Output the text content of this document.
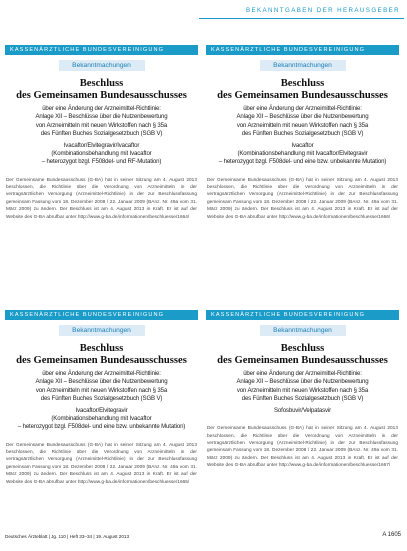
BEKANNTGABEN DER HERAUSGEBER
KASSENÄRZTLICHE BUNDESVEREINIGUNG
Bekanntmachungen
Beschluss
des Gemeinsamen Bundesausschusses
über eine Änderung der Arzneimittel-Richtlinie:
Anlage XII – Beschlüsse über die Nutzenbewertung
von Arzneimitteln mit neuen Wirkstoffen nach § 35a
des Fünften Buches Sozialgesetzbuch (SGB V)
Ivacaftor/Elvitegravir/Ivacaftor
(Kombinationsbehandlung mit Ivacaftor
– heterozygot bzgl. F508del- und RF-Mutation)

Der Gemeinsame Bundesausschuss (G-BA) hat in seiner Sitzung am 4. August 2013 beschlossen, die Richtlinie über die Verordnung von Arzneimitteln in der vertragsärztlichen Versorgung (Arzneimittel-Richtlinie) in der zur Beschlussfassung gemeinsam Fassung vom 18. Dezember 2008 / 22. Januar 2009 (BAnz. Nr. 49a vom 31. März 2009) zu ändern. Der Beschluss ist am 4. August 2013 in Kraft. Er ist auf der Website des G-BA abrufbar unter http://www.g-ba.de/informationen/beschluesse/1664/

KASSENÄRZTLICHE BUNDESVEREINIGUNG
Bekanntmachungen
Beschluss
des Gemeinsamen Bundesausschusses
über eine Änderung der Arzneimittel-Richtlinie:
Anlage XII – Beschlüsse über die Nutzenbewertung
von Arzneimitteln mit neuen Wirkstoffen nach § 35a
des Fünften Buches Sozialgesetzbuch (SGB V)
Ivacaftor
(Kombinationsbehandlung mit Ivacaftor/Elvitegravir
– heterozygot bzgl. F508del- und eine bzw. unbekannte Mutation)

Der Gemeinsame Bundesausschuss (G-BA) hat in seiner Sitzung am 4. August 2013 beschlossen, die Richtlinie über die Verordnung von Arzneimitteln in der vertragsärztlichen Versorgung (Arzneimittel-Richtlinie) in der zur Beschlussfassung gemeinsam Fassung vom 18. Dezember 2008 / 22. Januar 2009 (BAnz. Nr. 49a vom 31. März 2009) zu ändern. Der Beschluss ist am 4. August 2013 in Kraft. Er ist auf der Website des G-BA abrufbar unter http://www.g-ba.de/informationen/beschluesse/1666/

KASSENÄRZTLICHE BUNDESVEREINIGUNG
Bekanntmachungen
Beschluss
des Gemeinsamen Bundesausschusses
über eine Änderung der Arzneimittel-Richtlinie:
Anlage XII – Beschlüsse über die Nutzenbewertung
von Arzneimitteln mit neuen Wirkstoffen nach § 35a
des Fünften Buches Sozialgesetzbuch (SGB V)
Ivacaftor/Elvitegravir
(Kombinationsbehandlung mit Ivacaftor
– heterozygot bzgl. F508del- und eine bzw. unbekannte Mutation)

Der Gemeinsame Bundesausschuss (G-BA) hat in seiner Sitzung am 4. August 2013 beschlossen, die Richtlinie über die Verordnung von Arzneimitteln in der vertragsärztlichen Versorgung (Arzneimittel-Richtlinie) in der zur Beschlussfassung gemeinsam Fassung vom 18. Dezember 2008 / 22. Januar 2009 (BAnz. Nr. 49a vom 31. März 2009) zu ändern. Der Beschluss ist am 4. August 2013 in Kraft. Er ist auf der Website des G-BA abrufbar unter http://www.g-ba.de/informationen/beschluesse/1665/

KASSENÄRZTLICHE BUNDESVEREINIGUNG
Bekanntmachungen
Beschluss
des Gemeinsamen Bundesausschusses
über eine Änderung der Arzneimittel-Richtlinie:
Anlage XII – Beschlüsse über die Nutzenbewertung
von Arzneimitteln mit neuen Wirkstoffen nach § 35a
des Fünften Buches Sozialgesetzbuch (SGB V)
Sofosbuvir/Velpatasvir

Der Gemeinsame Bundesausschuss (G-BA) hat in seiner Sitzung am 4. August 2013 beschlossen, die Richtlinie über die Verordnung von Arzneimitteln in der vertragsärztlichen Versorgung (Arzneimittel-Richtlinie) in der zur Beschlussfassung gemeinsam Fassung vom 18. Dezember 2008 / 22. Januar 2009 (BAnz. Nr. 49a vom 31. März 2009) zu ändern. Der Beschluss ist am 4. August 2013 in Kraft. Er ist auf der Website des G-BA abrufbar unter http://www.g-ba.de/informationen/beschluesse/1667/

Deutsches Ärzteblatt | Jg. 110 | Heft 33–34 | 19. August 2013	A 1605
